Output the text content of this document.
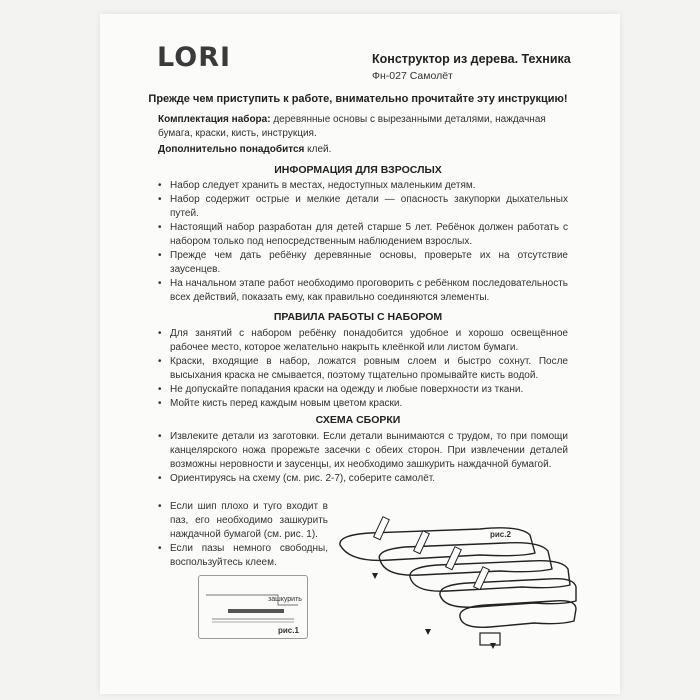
LORI	Конструктор из дерева. Техника
Фн-027 Самолёт
Прежде чем приступить к работе, внимательно прочитайте эту инструкцию!
Комплектация набора: деревянные основы с вырезанными деталями, наждачная бумага, краски, кисть, инструкция.
Дополнительно понадобится клей.
ИНФОРМАЦИЯ ДЛЯ ВЗРОСЛЫХ
• Набор следует хранить в местах, недоступных маленьким детям.
• Набор содержит острые и мелкие детали — опасность закупорки дыхательных путей.
• Настоящий набор разработан для детей старше 5 лет. Ребёнок должен работать с набором только под непосредственным наблюдением взрослых.
• Прежде чем дать ребёнку деревянные основы, проверьте их на отсутствие заусенцев.
• На начальном этапе работ необходимо проговорить с ребёнком последовательность всех действий, показать ему, как правильно соединяются элементы.
ПРАВИЛА РАБОТЫ С НАБОРОМ
• Для занятий с набором ребёнку понадобится удобное и хорошо освещённое рабочее место, которое желательно накрыть клеёнкой или листом бумаги.
• Краски, входящие в набор, ложатся ровным слоем и быстро сохнут. После высыхания краска не смывается, поэтому тщательно промывайте кисть водой.
• Не допускайте попадания краски на одежду и любые поверхности из ткани.
• Мойте кисть перед каждым новым цветом краски.
СХЕМА СБОРКИ
• Извлеките детали из заготовки. Если детали вынимаются с трудом, то при помощи канцелярского ножа прорежьте засечки с обеих сторон. При извлечении деталей возможны неровности и заусенцы, их необходимо зашкурить наждачной бумагой.
• Ориентируясь на схему (см. рис. 2-7), соберите самолёт.
• Если шип плохо и туго входит в паз, его необходимо зашкурить наждачной бумагой (см. рис. 1).
• Если пазы немного свободны, воспользуйтесь клеем.
зашкурить
рис.1
рис.2
